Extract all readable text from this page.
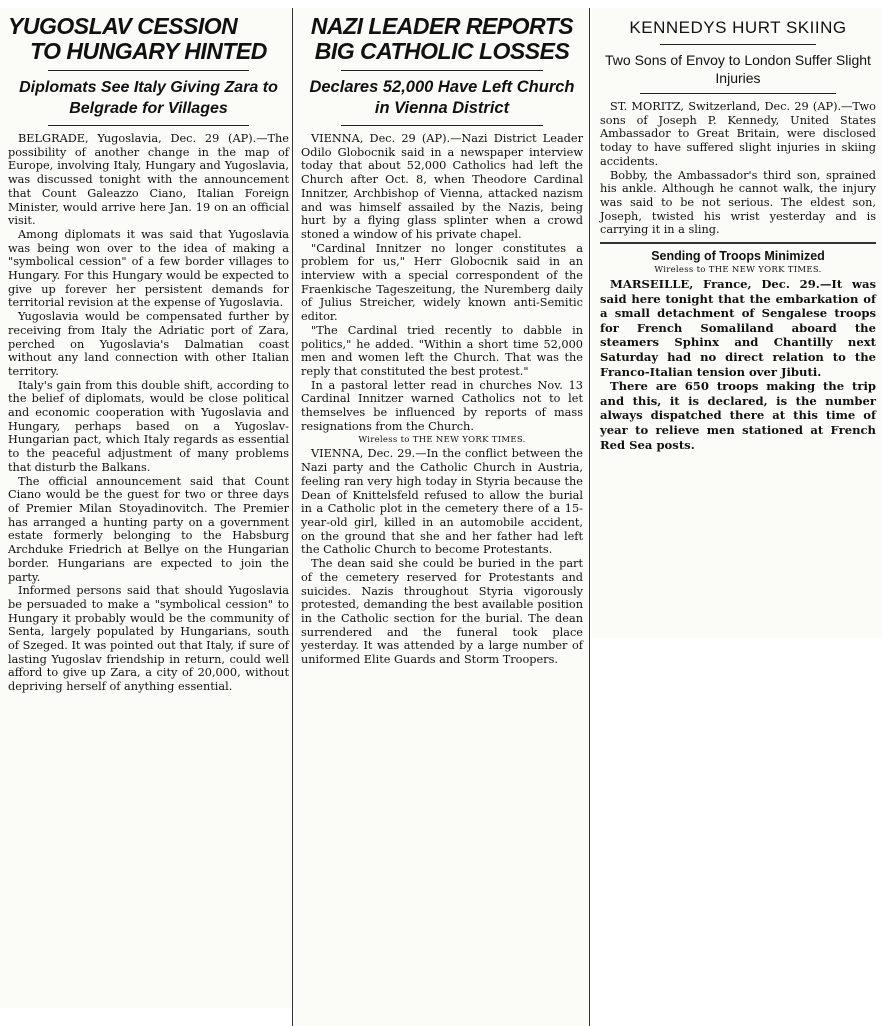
YUGOSLAV CESSION
TO HUNGARY HINTED
Diplomats See Italy Giving Zara to Belgrade for Villages

BELGRADE, Yugoslavia, Dec. 29 (AP).—The possibility of another change in the map of Europe, involving Italy, Hungary and Yugoslavia, was discussed tonight with the announcement that Count Galeazzo Ciano, Italian Foreign Minister, would arrive here Jan. 19 on an official visit.

Among diplomats it was said that Yugoslavia was being won over to the idea of making a "symbolical cession" of a few border villages to Hungary. For this Hungary would be expected to give up forever her persistent demands for territorial revision at the expense of Yugoslavia.

Yugoslavia would be compensated further by receiving from Italy the Adriatic port of Zara, perched on Yugoslavia's Dalmatian coast without any land connection with other Italian territory.

Italy's gain from this double shift, according to the belief of diplomats, would be close political and economic cooperation with Yugoslavia and Hungary, perhaps based on a Yugoslav-Hungarian pact, which Italy regards as essential to the peaceful adjustment of many problems that disturb the Balkans.

The official announcement said that Count Ciano would be the guest for two or three days of Premier Milan Stoyadinovitch. The Premier has arranged a hunting party on a government estate formerly belonging to the Habsburg Archduke Friedrich at Bellye on the Hungarian border. Hungarians are expected to join the party.

Informed persons said that should Yugoslavia be persuaded to make a "symbolical cession" to Hungary it probably would be the community of Senta, largely populated by Hungarians, south of Szeged. It was pointed out that Italy, if sure of lasting Yugoslav friendship in return, could well afford to give up Zara, a city of 20,000, without depriving herself of anything essential.

NAZI LEADER REPORTS
BIG CATHOLIC LOSSES
Declares 52,000 Have Left Church in Vienna District

VIENNA, Dec. 29 (AP).—Nazi District Leader Odilo Globocnik said in a newspaper interview today that about 52,000 Catholics had left the Church after Oct. 8, when Theodore Cardinal Innitzer, Archbishop of Vienna, attacked nazism and was himself assailed by the Nazis, being hurt by a flying glass splinter when a crowd stoned a window of his private chapel.

"Cardinal Innitzer no longer constitutes a problem for us," Herr Globocnik said in an interview with a special correspondent of the Fraenkische Tageszeitung, the Nuremberg daily of Julius Streicher, widely known anti-Semitic editor.

"The Cardinal tried recently to dabble in politics," he added. "Within a short time 52,000 men and women left the Church. That was the reply that constituted the best protest."

In a pastoral letter read in churches Nov. 13 Cardinal Innitzer warned Catholics not to let themselves be influenced by reports of mass resignations from the Church.

Wireless to THE NEW YORK TIMES.

VIENNA, Dec. 29.—In the conflict between the Nazi party and the Catholic Church in Austria, feeling ran very high today in Styria because the Dean of Knittelsfeld refused to allow the burial in a Catholic plot in the cemetery there of a 15-year-old girl, killed in an automobile accident, on the ground that she and her father had left the Catholic Church to become Protestants.

The dean said she could be buried in the part of the cemetery reserved for Protestants and suicides. Nazis throughout Styria vigorously protested, demanding the best available position in the Catholic section for the burial. The dean surrendered and the funeral took place yesterday. It was attended by a large number of uniformed Elite Guards and Storm Troopers.

KENNEDYS HURT SKIING
Two Sons of Envoy to London Suffer Slight Injuries

ST. MORITZ, Switzerland, Dec. 29 (AP).—Two sons of Joseph P. Kennedy, United States Ambassador to Great Britain, were disclosed today to have suffered slight injuries in skiing accidents.

Bobby, the Ambassador's third son, sprained his ankle. Although he cannot walk, the injury was said to be not serious. The eldest son, Joseph, twisted his wrist yesterday and is carrying it in a sling.

Sending of Troops Minimized
Wireless to THE NEW YORK TIMES.

MARSEILLE, France, Dec. 29.—It was said here tonight that the embarkation of a small detachment of Sengalese troops for French Somaliland aboard the steamers Sphinx and Chantilly next Saturday had no direct relation to the Franco-Italian tension over Jibuti.

There are 650 troops making the trip and this, it is declared, is the number always dispatched there at this time of year to relieve men stationed at French Red Sea posts.
